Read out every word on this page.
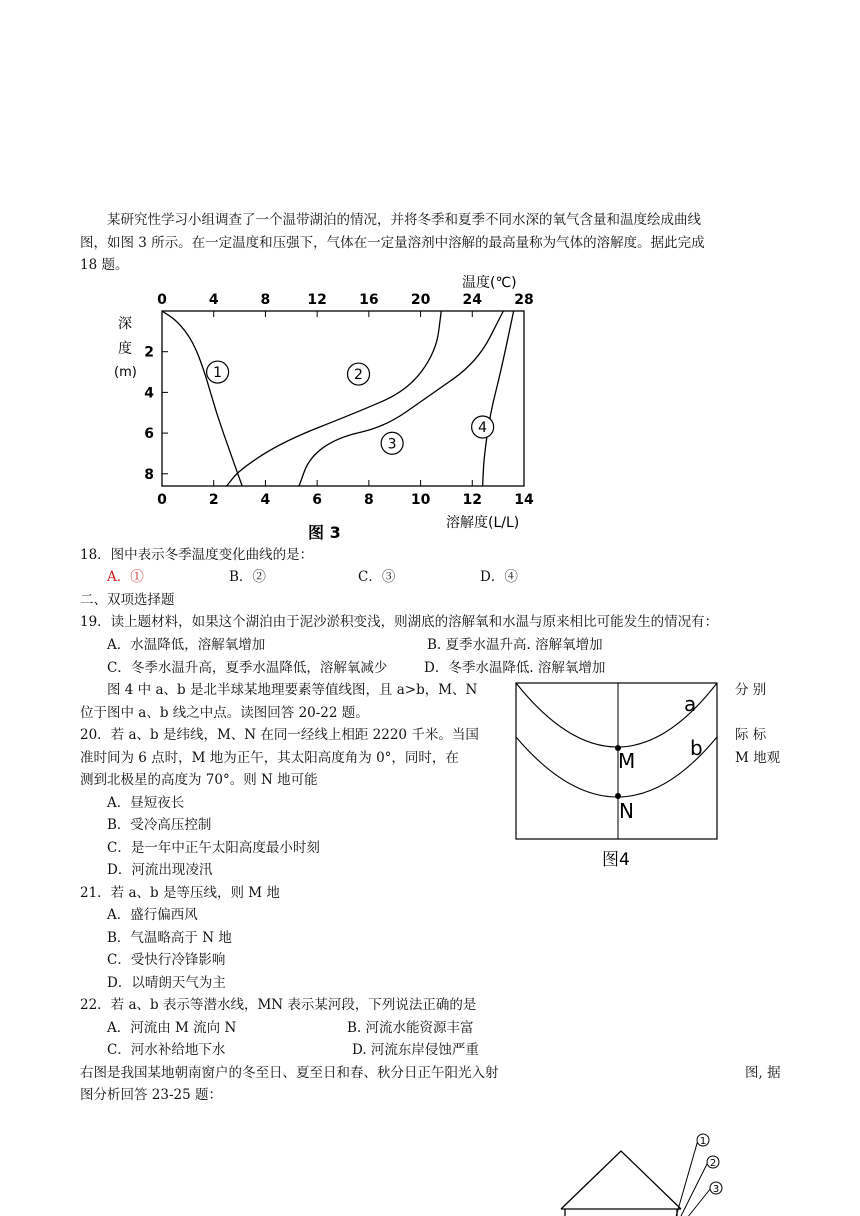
某研究性学习小组调查了一个温带湖泊的情况，并将冬季和夏季不同水深的氧气含量和温度绘成曲线
图，如图 3 所示。在一定温度和压强下，气体在一定量溶剂中溶解的最高量称为气体的溶解度。据此完成
18 题。
温度(℃)
溶解度(L/L)
深
度
(m)
0	4	8	12 16 20 24 28
0	2	4	6	8	10 12 14
2
4
6
8
1	2
3
4
图 3
18．图中表示冬季温度变化曲线的是：
A．①	B．②	C．③	D．④
二、双项选择题
19．读上题材料，如果这个湖泊由于泥沙淤积变浅，则湖底的溶解氧和水温与原来相比可能发生的情况有：
A．水温降低，溶解氧增加	B. 夏季水温升高. 溶解氧增加
C．冬季水温升高，夏季水温降低，溶解氧减少	D．冬季水温降低. 溶解氧增加
图 4 中 a、b 是北半球某地理要素等值线图，且 a>b，M、N	分 别
位于图中 a、b 线之中点。读图回答 20-22 题。
20．若 a、b 是纬线，M、N 在同一经线上相距 2220 千米。当国	际 标
准时间为 6 点时，M 地为正午，其太阳高度角为 0°，同时，在	M 地观
测到北极星的高度为 70°。则 N 地可能
A．昼短夜长
B．受冷高压控制
C．是一年中正午太阳高度最小时刻
D．河流出现凌汛
21．若 a、b 是等压线，则 M 地
A．盛行偏西风
B．气温略高于 N 地
C．受快行冷锋影响
D．以晴朗天气为主
22．若 a、b 表示等潜水线，MN 表示某河段，下列说法正确的是
A．河流由 M 流向 N	B. 河流水能资源丰富
C．河水补给地下水	D. 河流东岸侵蚀严重
右图是我国某地朝南窗户的冬至日、夏至日和春、秋分日正午阳光入射	图, 据
图分析回答 23-25 题：
a
b
M
N
图4
1
2
3
